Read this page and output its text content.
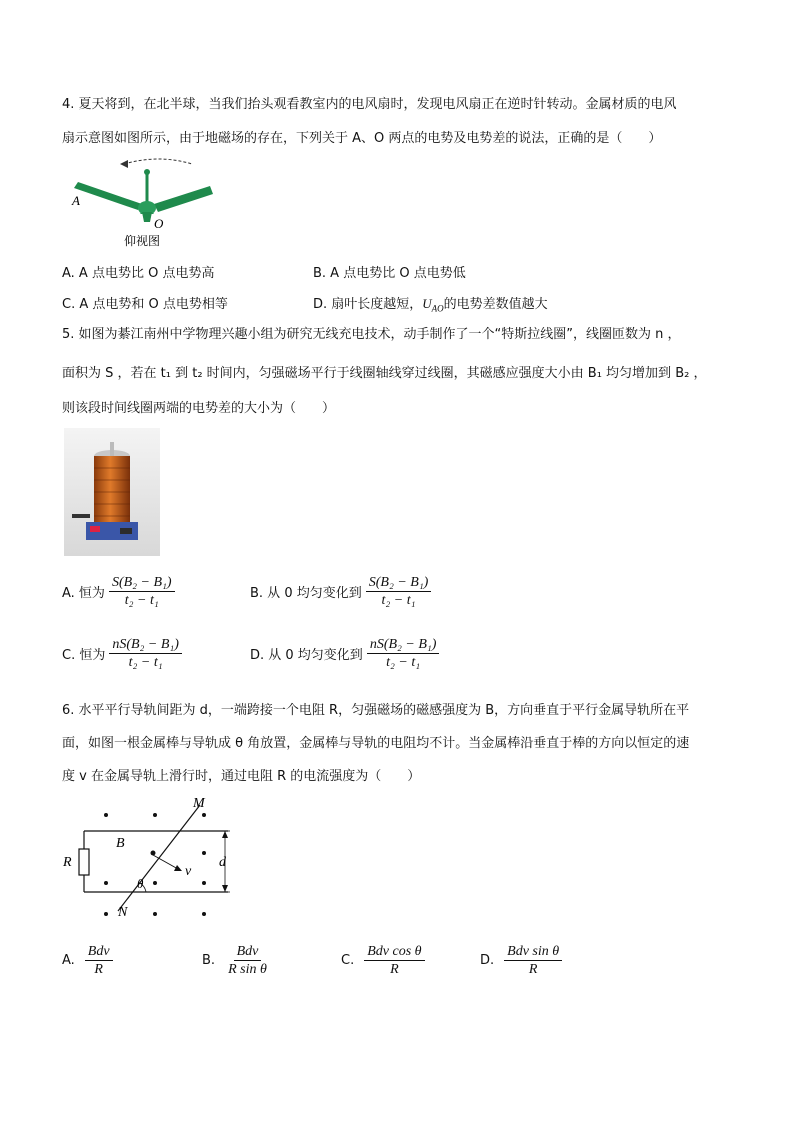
4. 夏天将到，在北半球，当我们抬头观看教室内的电风扇时，发现电风扇正在逆时针转动。金属材质的电风
扇示意图如图所示，由于地磁场的存在，下列关于 A、O 两点的电势及电势差的说法，正确的是（　　）
A
O
仰视图
A. A 点电势比 O 点电势高	B. A 点电势比 O 点电势低
C. A 点电势和 O 点电势相等	D. 扇叶长度越短，$U_{AO}$的电势差数值越大
5. 如图为綦江南州中学物理兴趣小组为研究无线充电技术，动手制作了一个“特斯拉线圈”，线圈匝数为 n ，
面积为 S ，若在 t₁ 到 t₂ 时间内，匀强磁场平行于线圈轴线穿过线圈，其磁感应强度大小由 B₁ 均匀增加到 B₂ ，
则该段时间线圈两端的电势差的大小为（　　）
A. 恒为 $\frac{\text{S(B₂ − B₁)}}{\text{t₂ − t₁}}$	B. 从 0 均匀变化到 $\frac{\text{S(B₂ − B₁)}}{\text{t₂ − t₁}}$
C. 恒为 $\frac{\text{nS(B₂ − B₁)}}{\text{t₂ − t₁}}$	D. 从 0 均匀变化到 $\frac{\text{nS(B₂ − B₁)}}{\text{t₂ − t₁}}$
6. 水平平行导轨间距为 d，一端跨接一个电阻 R，匀强磁场的磁感强度为 B，方向垂直于平行金属导轨所在平
面，如图一根金属棒与导轨成 θ 角放置，金属棒与导轨的电阻均不计。当金属棒沿垂直于棒的方向以恒定的速
度 v 在金属导轨上滑行时，通过电阻 R 的电流强度为（　　）
M
N
B
R	d
v
θ
A. $\frac{\text{Bdv}}{R}$	B. $\frac{\text{Bdv}}{\text{R sin θ}}$	C. $\frac{\text{Bdv cos θ}}{R}$	D. $\frac{\text{Bdv sin θ}}{R}$
